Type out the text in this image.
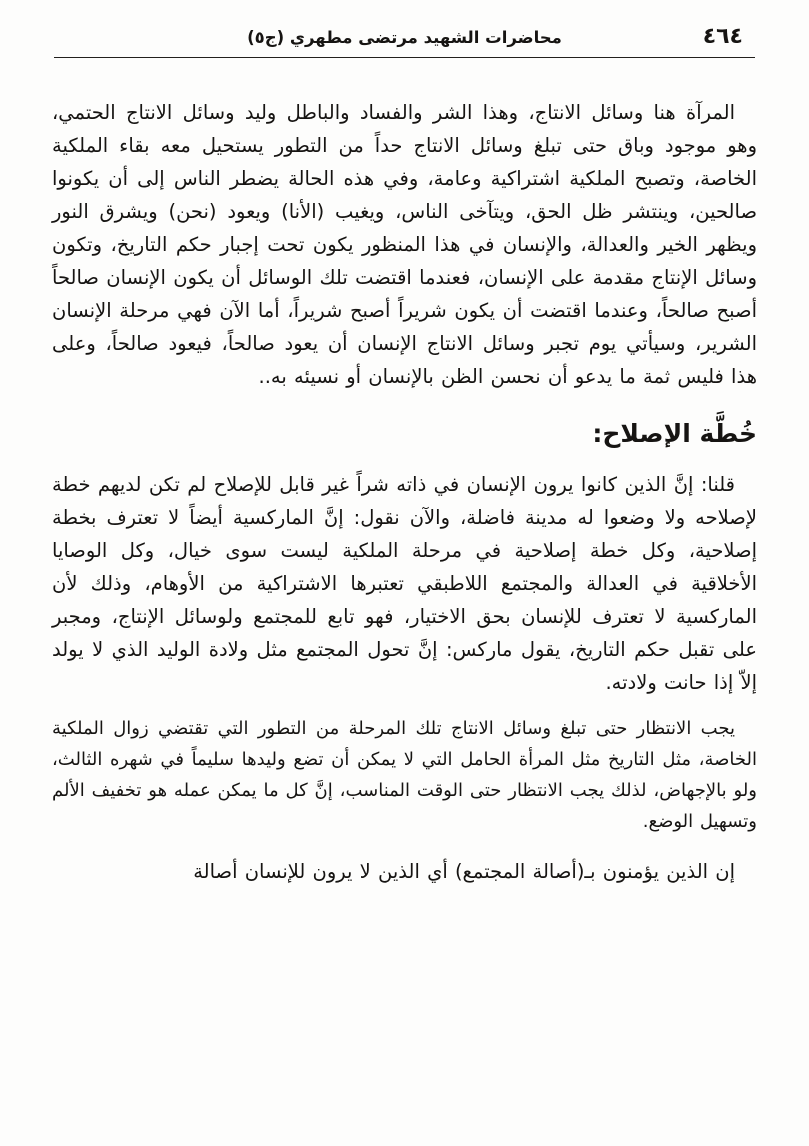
٤٦٤
محاضرات الشهيد مرتضى مطهري (ج٥)

المرآة هنا وسائل الانتاج، وهذا الشر والفساد والباطل وليد وسائل الانتاج الحتمي، وهو موجود وباق حتى تبلغ وسائل الانتاج حداً من التطور يستحيل معه بقاء الملكية الخاصة، وتصبح الملكية اشتراكية وعامة، وفي هذه الحالة يضطر الناس إلى أن يكونوا صالحين، وينتشر ظل الحق، ويتآخى الناس، ويغيب (الأنا) ويعود (نحن) ويشرق النور ويظهر الخير والعدالة، والإنسان في هذا المنظور يكون تحت إجبار حكم التاريخ، وتكون وسائل الإنتاج مقدمة على الإنسان، فعندما اقتضت تلك الوسائل أن يكون الإنسان صالحاً أصبح صالحاً، وعندما اقتضت أن يكون شريراً أصبح شريراً، أما الآن فهي مرحلة الإنسان الشرير، وسيأتي يوم تجبر وسائل الانتاج الإنسان أن يعود صالحاً، فيعود صالحاً، وعلى هذا فليس ثمة ما يدعو أن نحسن الظن بالإنسان أو نسيئه به..

خُطَّة الإصلاح:

قلنا: إنَّ الذين كانوا يرون الإنسان في ذاته شراً غير قابل للإصلاح لم تكن لديهم خطة لإصلاحه ولا وضعوا له مدينة فاضلة، والآن نقول: إنَّ الماركسية أيضاً لا تعترف بخطة إصلاحية، وكل خطة إصلاحية في مرحلة الملكية ليست سوى خيال، وكل الوصايا الأخلاقية في العدالة والمجتمع اللاطبقي تعتبرها الاشتراكية من الأوهام، وذلك لأن الماركسية لا تعترف للإنسان بحق الاختيار، فهو تابع للمجتمع ولوسائل الإنتاج، ومجبر على تقبل حكم التاريخ، يقول ماركس: إنَّ تحول المجتمع مثل ولادة الوليد الذي لا يولد إلاّ إذا حانت ولادته.

يجب الانتظار حتى تبلغ وسائل الانتاج تلك المرحلة من التطور التي تقتضي زوال الملكية الخاصة، مثل التاريخ مثل المرأة الحامل التي لا يمكن أن تضع وليدها سليماً في شهره الثالث، ولو بالإجهاض، لذلك يجب الانتظار حتى الوقت المناسب، إنَّ كل ما يمكن عمله هو تخفيف الألم وتسهيل الوضع.

إن الذين يؤمنون بـ(أصالة المجتمع) أي الذين لا يرون للإنسان أصالة
